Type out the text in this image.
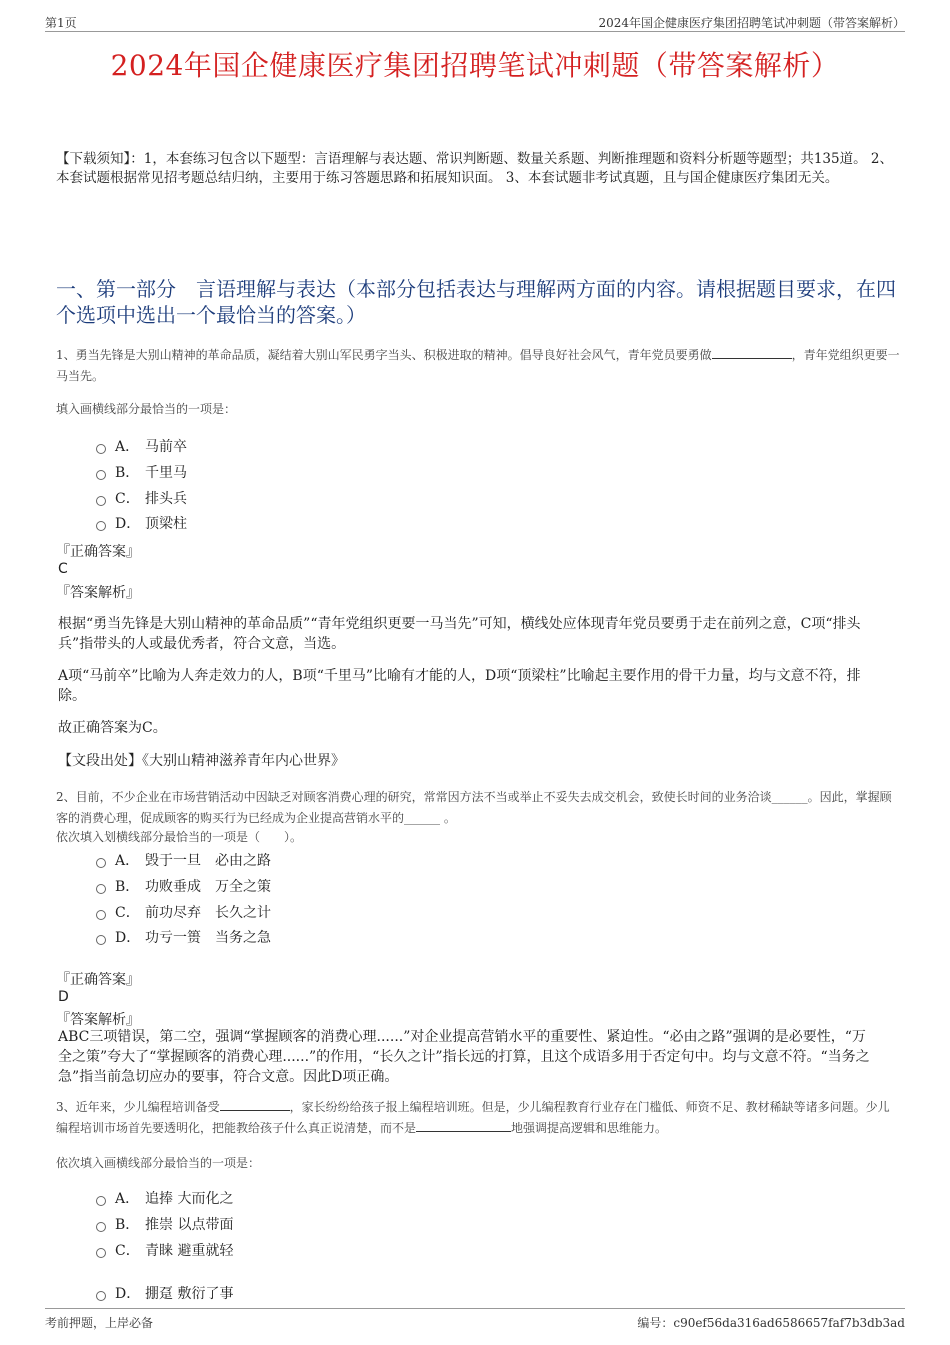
第1页	2024年国企健康医疗集团招聘笔试冲刺题（带答案解析）
2024年国企健康医疗集团招聘笔试冲刺题（带答案解析）
【下载须知】：1，本套练习包含以下题型：言语理解与表达题、常识判断题、数量关系题、判断推理题和资料分析题等题型；共135道。 2、本套试题根据常见招考题总结归纳，主要用于练习答题思路和拓展知识面。 3、本套试题非考试真题，且与国企健康医疗集团无关。
一、第一部分　言语理解与表达（本部分包括表达与理解两方面的内容。请根据题目要求，在四个选项中选出一个最恰当的答案。）
1、勇当先锋是大别山精神的革命品质，凝结着大别山军民勇字当头、积极进取的精神。倡导良好社会风气，青年党员要勇做	，青年党组织更要一马当先。
填入画横线部分最恰当的一项是：
A． 马前卒
B． 千里马
C． 排头兵
D． 顶梁柱
『正确答案』
C
『答案解析』
根据“勇当先锋是大别山精神的革命品质”“青年党组织更要一马当先”可知，横线处应体现青年党员要勇于走在前列之意，C项“排头兵”指带头的人或最优秀者，符合文意，当选。
A项“马前卒”比喻为人奔走效力的人，B项“千里马”比喻有才能的人，D项“顶梁柱”比喻起主要作用的骨干力量，均与文意不符，排除。
故正确答案为C。
【文段出处】《大别山精神滋养青年内心世界》
2、目前，不少企业在市场营销活动中因缺乏对顾客消费心理的研究，常常因方法不当或举止不妥失去成交机会，致使长时间的业务洽谈______。因此，掌握顾客的消费心理，促成顾客的购买行为已经成为企业提高营销水平的______ 。
依次填入划横线部分最恰当的一项是（　　）。
A． 毁于一旦　必由之路
B． 功败垂成　万全之策
C． 前功尽弃　长久之计
D． 功亏一篑　当务之急
『正确答案』
D
『答案解析』
ABC三项错误，第二空，强调“掌握顾客的消费心理......”对企业提高营销水平的重要性、紧迫性。“必由之路”强调的是必要性，“万全之策”夸大了“掌握顾客的消费心理......”的作用，“长久之计”指长远的打算，且这个成语多用于否定句中。均与文意不符。“当务之急”指当前急切应办的要事，符合文意。因此D项正确。
3、近年来，少儿编程培训备受	，家长纷纷给孩子报上编程培训班。但是，少儿编程教育行业存在门槛低、师资不足、教材稀缺等诸多问题。少儿编程培训市场首先要透明化，把能教给孩子什么真正说清楚，而不是	地强调提高逻辑和思维能力。
依次填入画横线部分最恰当的一项是：
A． 追捧 大而化之
B． 推崇 以点带面
C． 青睐 避重就轻
D． 掤趸 敷衍了事
考前押题，上岸必备	编号：c90ef56da316ad6586657faf7b3db3ad
